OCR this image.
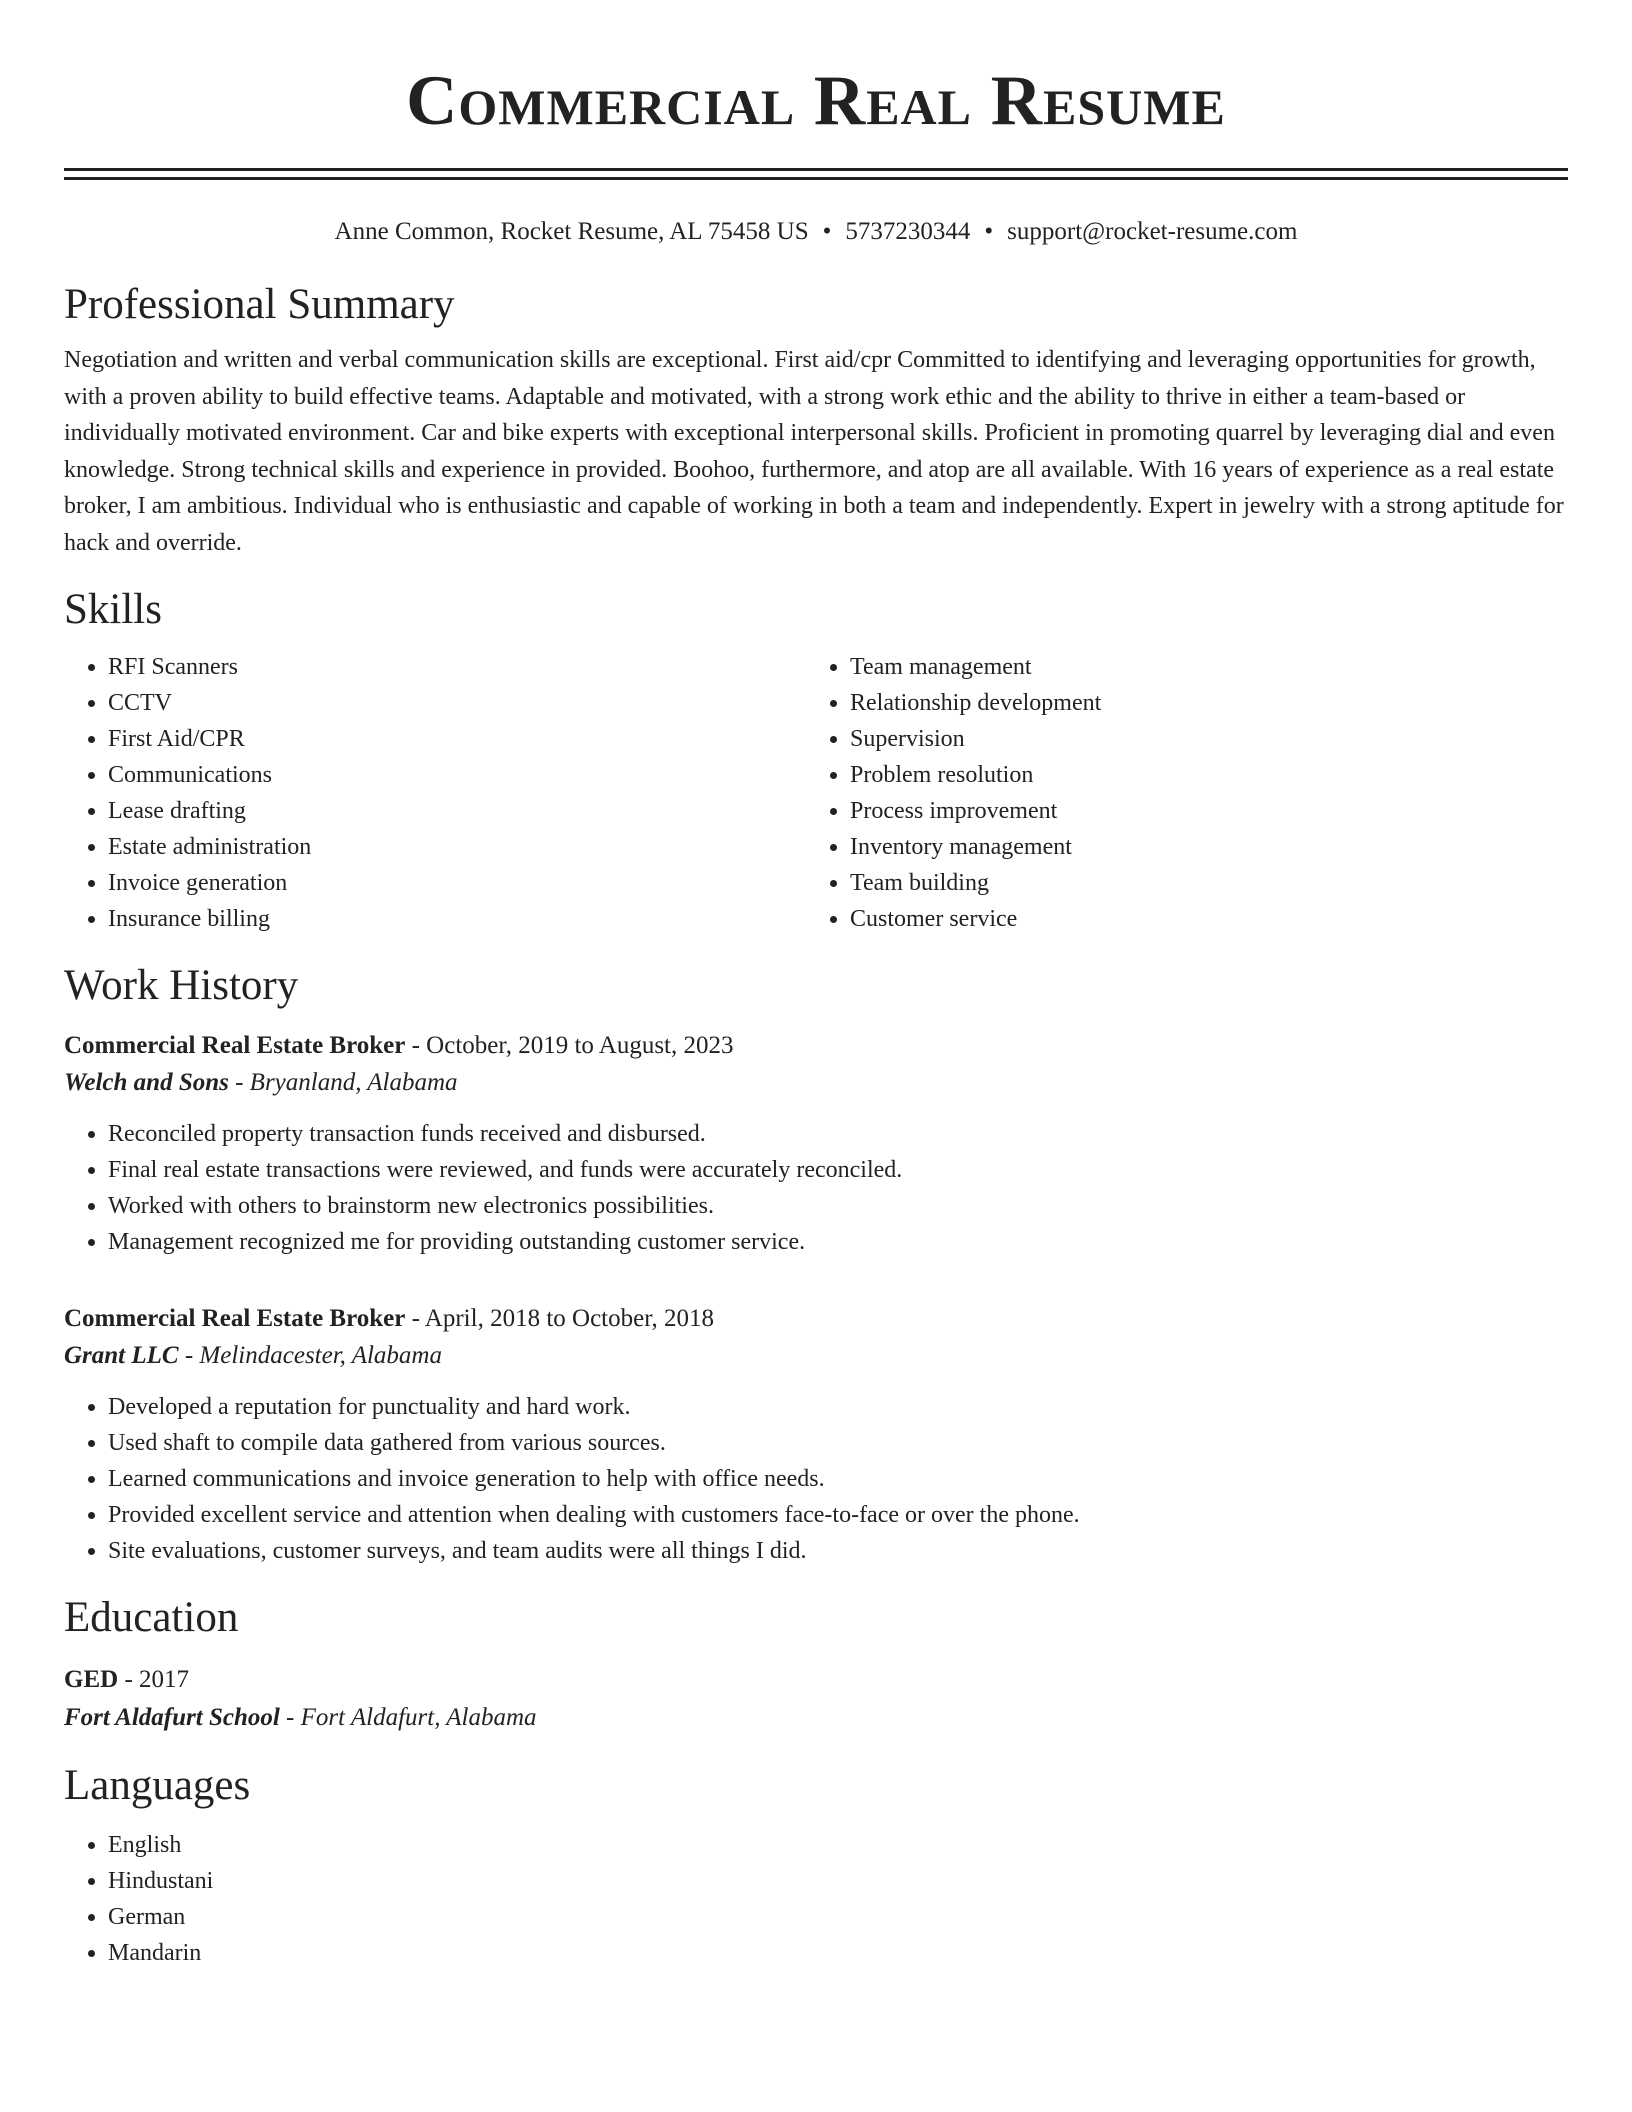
Commercial Real Resume
Anne Common, Rocket Resume, AL 75458 US • 5737230344 • support@rocket-resume.com
Professional Summary
Negotiation and written and verbal communication skills are exceptional. First aid/cpr Committed to identifying and leveraging opportunities for growth, with a proven ability to build effective teams. Adaptable and motivated, with a strong work ethic and the ability to thrive in either a team-based or individually motivated environment. Car and bike experts with exceptional interpersonal skills. Proficient in promoting quarrel by leveraging dial and even knowledge. Strong technical skills and experience in provided. Boohoo, furthermore, and atop are all available. With 16 years of experience as a real estate broker, I am ambitious. Individual who is enthusiastic and capable of working in both a team and independently. Expert in jewelry with a strong aptitude for hack and override.
Skills
• RFI Scanners
• CCTV
• First Aid/CPR
• Communications
• Lease drafting
• Estate administration
• Invoice generation
• Insurance billing
• Team management
• Relationship development
• Supervision
• Problem resolution
• Process improvement
• Inventory management
• Team building
• Customer service
Work History
Commercial Real Estate Broker - October, 2019 to August, 2023
Welch and Sons - Bryanland, Alabama
• Reconciled property transaction funds received and disbursed.
• Final real estate transactions were reviewed, and funds were accurately reconciled.
• Worked with others to brainstorm new electronics possibilities.
• Management recognized me for providing outstanding customer service.
Commercial Real Estate Broker - April, 2018 to October, 2018
Grant LLC - Melindacester, Alabama
• Developed a reputation for punctuality and hard work.
• Used shaft to compile data gathered from various sources.
• Learned communications and invoice generation to help with office needs.
• Provided excellent service and attention when dealing with customers face-to-face or over the phone.
• Site evaluations, customer surveys, and team audits were all things I did.
Education
GED - 2017
Fort Aldafurt School - Fort Aldafurt, Alabama
Languages
• English
• Hindustani
• German
• Mandarin
